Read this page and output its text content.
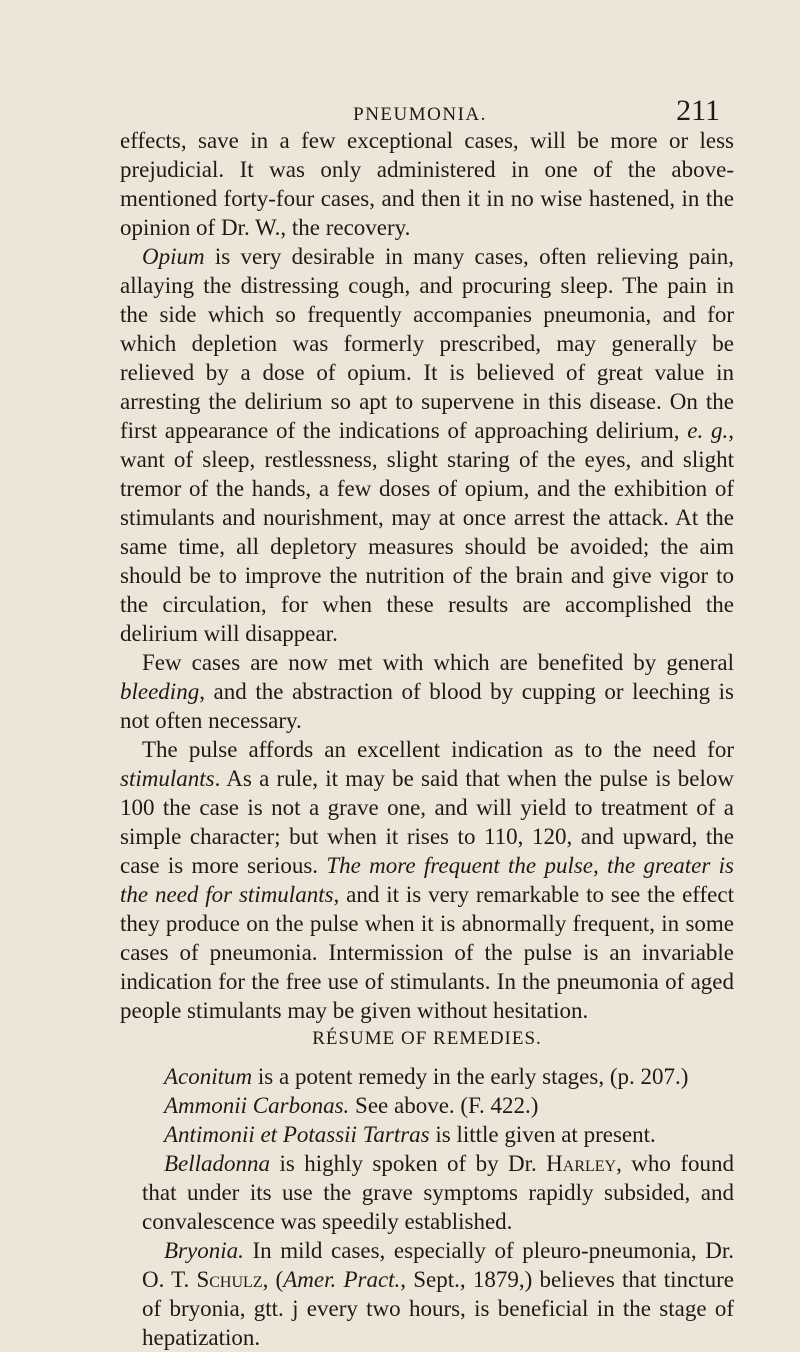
PNEUMONIA.	211

effects, save in a few exceptional cases, will be more or less prejudicial. It was only administered in one of the above-mentioned forty-four cases, and then it in no wise hastened, in the opinion of Dr. W., the recovery.

Opium is very desirable in many cases, often relieving pain, allaying the distressing cough, and procuring sleep. The pain in the side which so frequently accompanies pneumonia, and for which depletion was formerly prescribed, may generally be relieved by a dose of opium. It is believed of great value in arresting the delirium so apt to supervene in this disease. On the first appearance of the indications of approaching delirium, e. g., want of sleep, restlessness, slight staring of the eyes, and slight tremor of the hands, a few doses of opium, and the exhibition of stimulants and nourishment, may at once arrest the attack. At the same time, all depletory measures should be avoided; the aim should be to improve the nutrition of the brain and give vigor to the circulation, for when these results are accomplished the delirium will disappear.

Few cases are now met with which are benefited by general bleeding, and the abstraction of blood by cupping or leeching is not often necessary.

The pulse affords an excellent indication as to the need for stimulants. As a rule, it may be said that when the pulse is below 100 the case is not a grave one, and will yield to treatment of a simple character; but when it rises to 110, 120, and upward, the case is more serious. The more frequent the pulse, the greater is the need for stimulants, and it is very remarkable to see the effect they produce on the pulse when it is abnormally frequent, in some cases of pneumonia. Intermission of the pulse is an invariable indication for the free use of stimulants. In the pneumonia of aged people stimulants may be given without hesitation.

RÉSUME OF REMEDIES.

Aconitum is a potent remedy in the early stages, (p. 207.)

Ammonii Carbonas. See above. (F. 422.)

Antimonii et Potassii Tartras is little given at present.

Belladonna is highly spoken of by Dr. Harley, who found that under its use the grave symptoms rapidly subsided, and convalescence was speedily established.

Bryonia. In mild cases, especially of pleuro-pneumonia, Dr. O. T. Schulz, (Amer. Pract., Sept., 1879,) believes that tincture of bryonia, gtt. j every two hours, is beneficial in the stage of hepatization.
